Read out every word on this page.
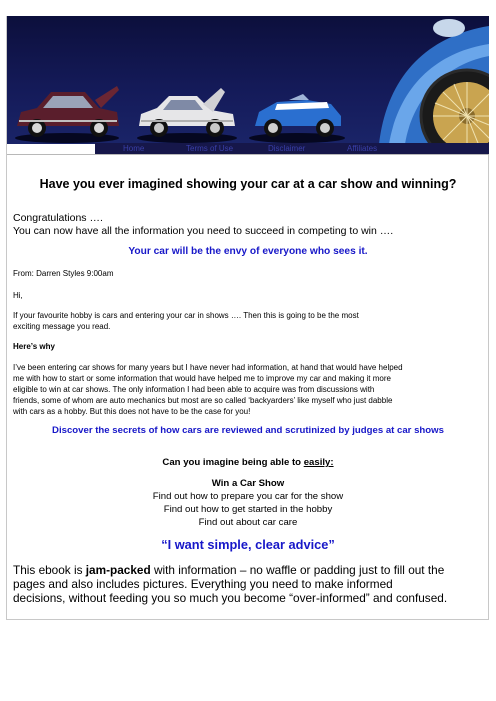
Home	Terms of Use	Disclaimer	Affiliates
Have you ever imagined showing your car at a car show and winning?
Congratulations ….
You can now have all the information you need to succeed in competing to win ….
Your car will be the envy of everyone who sees it.
From: Darren Styles 9:00am
Hi,
If your favourite hobby is cars and entering your car in shows …. Then this is going to be the most
exciting message you read.
Here’s why
I’ve been entering car shows for many years but I have never had information, at hand that would have helped
me with how to start or some information that would have helped me to improve my car and making it more
eligible to win at car shows. The only information I had been able to acquire was from discussions with
friends, some of whom are auto mechanics but most are so called ‘backyarders’ like myself who just dabble
with cars as a hobby. But this does not have to be the case for you!
Discover the secrets of how cars are reviewed and scrutinized by judges at car shows
Can you imagine being able to easily:
Win a Car Show
Find out how to prepare you car for the show
Find out how to get started in the hobby
Find out about car care
“I want simple, clear advice”
This ebook is jam-packed with information – no waffle or padding just to fill out the
pages and also includes pictures. Everything you need to make informed
decisions, without feeding you so much you become “over-informed” and confused.
